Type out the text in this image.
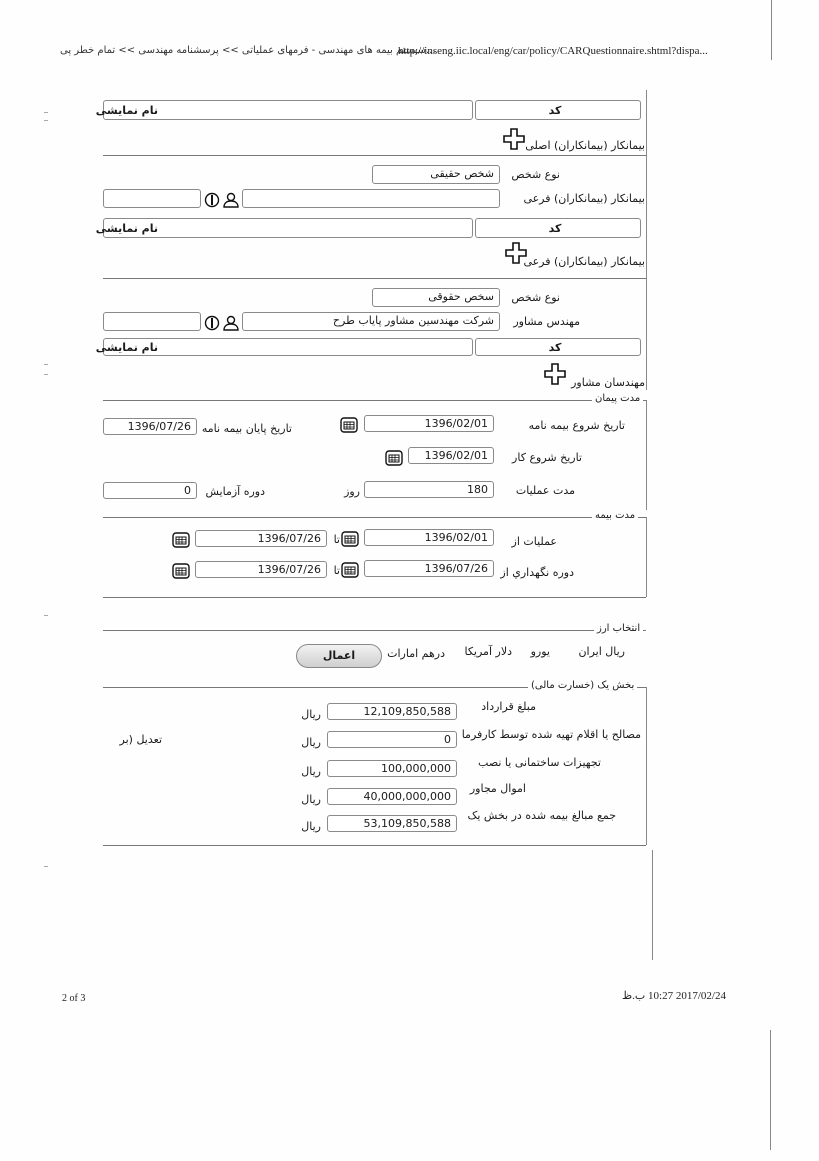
...سیستم بیمه های مهندسی - فرمهای عملیاتی >> پرسشنامه مهندسی >> تمام خطر پی
http://inseng.iic.local/eng/car/policy/CARQuestionnaire.shtml?dispa...
نام نمایشی	کد
بیمانکار (بیمانکاران) اصلی
نوع شخص
شخص حقیقی
بیمانکار (بیمانکاران) فرعی
نام نمایشی	کد
بیمانکار (بیمانکاران) فرعی
نوع شخص
سخص حقوقی
مهندس مشاور
شرکت مهندسین مشاور پایاب طرح
نام نمایشی	کد
مهندسان مشاور
مدت پیمان
تاریخ شروع بیمه نامه
1396/02/01
تاریخ پایان بیمه نامه
1396/07/26
تاریخ شروع کار
1396/02/01
مدت عملیات
180
روز
دوره آزمایش
0
مدت بیمه
عملیات از
1396/02/01
تا
1396/07/26
دوره نگهداري از
1396/07/26
تا
1396/07/26
انتخاب ارز
ریال ایران
یورو
دلار آمریکا
درهم امارات
اعمال
بخش یک (خسارت مالی)
مبلغ قرارداد
12,109,850,588
ریال
مصالح یا اقلام تهیه شده توسط کارفرما
0
ریال
تعدیل (بر
تجهیزات ساختمانی یا نصب
100,000,000
ریال
اموال مجاور
40,000,000,000
ریال
جمع مبالغ بیمه شده در بخش یک
53,109,850,588
ریال
2 of 3	2017/02/24 10:27 ب.ظ
